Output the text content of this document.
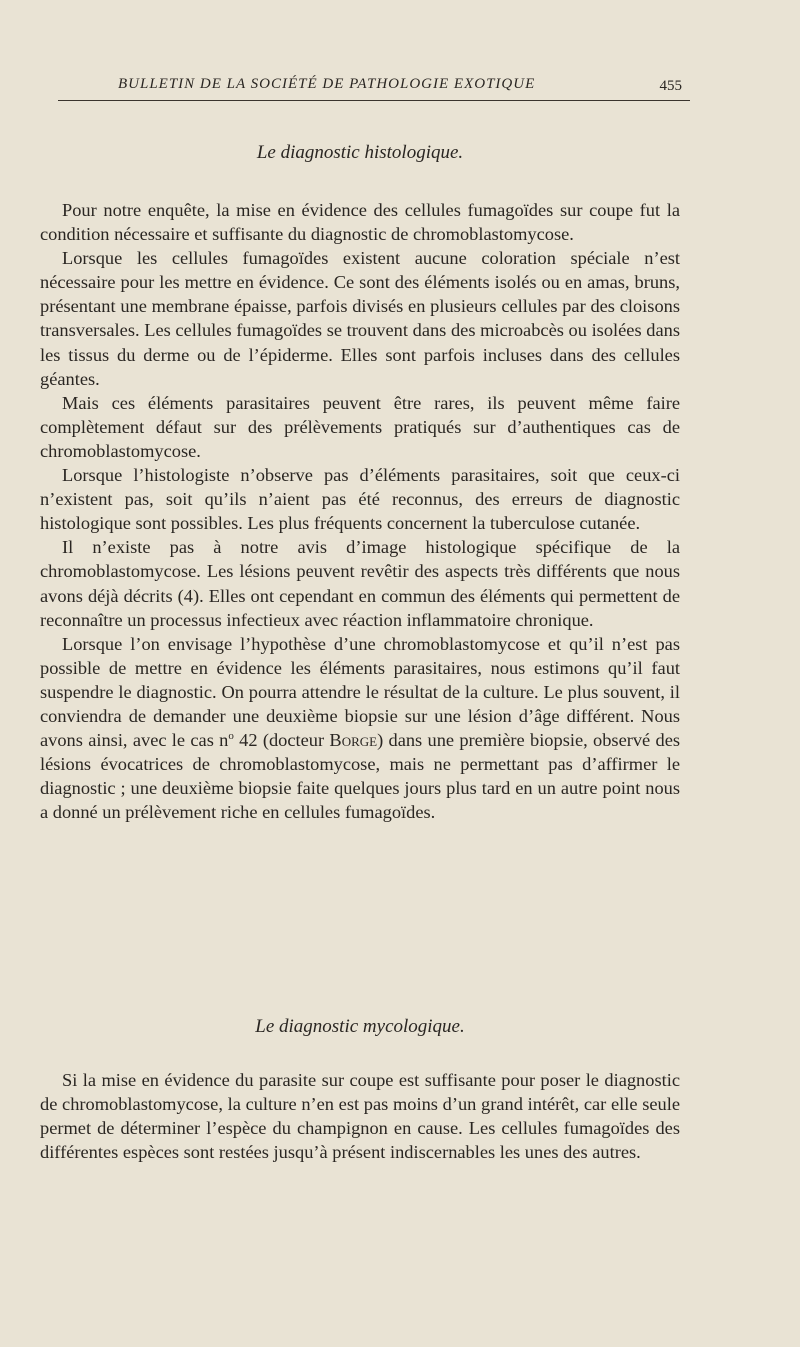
BULLETIN DE LA SOCIÉTÉ DE PATHOLOGIE EXOTIQUE	455
Le diagnostic histologique.

Pour notre enquête, la mise en évidence des cellules fumagoïdes sur coupe fut la condition nécessaire et suffisante du diagnostic de chromoblastomycose.

Lorsque les cellules fumagoïdes existent aucune coloration spéciale n’est nécessaire pour les mettre en évidence. Ce sont des éléments isolés ou en amas, bruns, présentant une membrane épaisse, parfois divisés en plusieurs cellules par des cloisons transversales. Les cellules fumagoïdes se trouvent dans des microabcès ou isolées dans les tissus du derme ou de l’épiderme. Elles sont parfois incluses dans des cellules géantes.

Mais ces éléments parasitaires peuvent être rares, ils peuvent même faire complètement défaut sur des prélèvements pratiqués sur d’authentiques cas de chromoblastomycose.

Lorsque l’histologiste n’observe pas d’éléments parasitaires, soit que ceux-ci n’existent pas, soit qu’ils n’aient pas été reconnus, des erreurs de diagnostic histologique sont possibles. Les plus fréquents concernent la tuberculose cutanée.

Il n’existe pas à notre avis d’image histologique spécifique de la chromoblastomycose. Les lésions peuvent revêtir des aspects très différents que nous avons déjà décrits (4). Elles ont cependant en commun des éléments qui permettent de reconnaître un processus infectieux avec réaction inflammatoire chronique.

Lorsque l’on envisage l’hypothèse d’une chromoblastomycose et qu’il n’est pas possible de mettre en évidence les éléments parasitaires, nous estimons qu’il faut suspendre le diagnostic. On pourra attendre le résultat de la culture. Le plus souvent, il conviendra de demander une deuxième biopsie sur une lésion d’âge différent. Nous avons ainsi, avec le cas $n^o$ 42 (docteur Borge) dans une première biopsie, observé des lésions évocatrices de chromoblastomycose, mais ne permettant pas d’affirmer le diagnostic ; une deuxième biopsie faite quelques jours plus tard en un autre point nous a donné un prélèvement riche en cellules fumagoïdes.

Le diagnostic mycologique.

Si la mise en évidence du parasite sur coupe est suffisante pour poser le diagnostic de chromoblastomycose, la culture n’en est pas moins d’un grand intérêt, car elle seule permet de déterminer l’espèce du champignon en cause. Les cellules fumagoïdes des différentes espèces sont restées jusqu’à présent indiscernables les unes des autres.
